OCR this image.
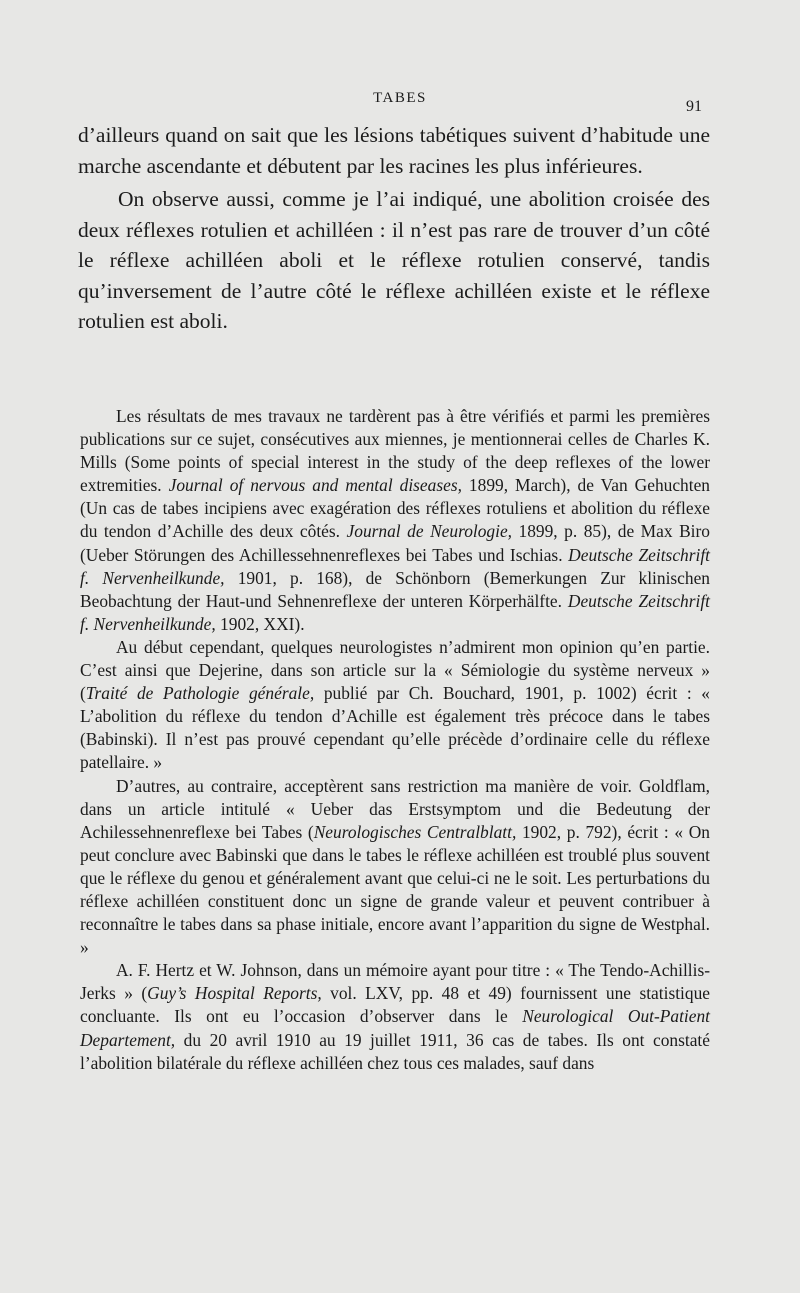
TABES	91

d’ailleurs quand on sait que les lésions tabétiques suivent d’habitude une marche ascendante et débutent par les racines les plus inférieures.

On observe aussi, comme je l’ai indiqué, une abolition croisée des deux réflexes rotulien et achilléen : il n’est pas rare de trouver d’un côté le réflexe achilléen aboli et le réflexe rotulien conservé, tandis qu’inversement de l’autre côté le réflexe achilléen existe et le réflexe rotulien est aboli.

Les résultats de mes travaux ne tardèrent pas à être vérifiés et parmi les premières publications sur ce sujet, consécutives aux miennes, je mentionnerai celles de Charles K. Mills (Some points of special interest in the study of the deep reflexes of the lower extremities. Journal of nervous and mental diseases, 1899, March), de Van Gehuchten (Un cas de tabes incipiens avec exagération des réflexes rotuliens et abolition du réflexe du tendon d’Achille des deux côtés. Journal de Neurologie, 1899, p. 85), de Max Biro (Ueber Störungen des Achillessehnenreflexes bei Tabes und Ischias. Deutsche Zeitschrift f. Nervenheilkunde, 1901, p. 168), de Schönborn (Bemerkungen Zur klinischen Beobachtung der Haut-und Sehnenreflexe der unteren Körperhälfte. Deutsche Zeitschrift f. Nervenheilkunde, 1902, XXI).

Au début cependant, quelques neurologistes n’admirent mon opinion qu’en partie. C’est ainsi que Dejerine, dans son article sur la « Sémiologie du système nerveux » (Traité de Pathologie générale, publié par Ch. Bouchard, 1901, p. 1002) écrit : « L’abolition du réflexe du tendon d’Achille est également très précoce dans le tabes (Babinski). Il n’est pas prouvé cependant qu’elle précède d’ordinaire celle du réflexe patellaire. »

D’autres, au contraire, acceptèrent sans restriction ma manière de voir. Goldflam, dans un article intitulé « Ueber das Erstsymptom und die Bedeutung der Achilessehnenreflexe bei Tabes (Neurologisches Centralblatt, 1902, p. 792), écrit : « On peut conclure avec Babinski que dans le tabes le réflexe achilléen est troublé plus souvent que le réflexe du genou et généralement avant que celui-ci ne le soit. Les perturbations du réflexe achilléen constituent donc un signe de grande valeur et peuvent contribuer à reconnaître le tabes dans sa phase initiale, encore avant l’apparition du signe de Westphal. »

A. F. Hertz et W. Johnson, dans un mémoire ayant pour titre : « The Tendo-Achillis-Jerks » (Guy’s Hospital Reports, vol. LXV, pp. 48 et 49) fournissent une statistique concluante. Ils ont eu l’occasion d’observer dans le Neurological Out-Patient Departement, du 20 avril 1910 au 19 juillet 1911, 36 cas de tabes. Ils ont constaté l’abolition bilatérale du réflexe achilléen chez tous ces malades, sauf dans
